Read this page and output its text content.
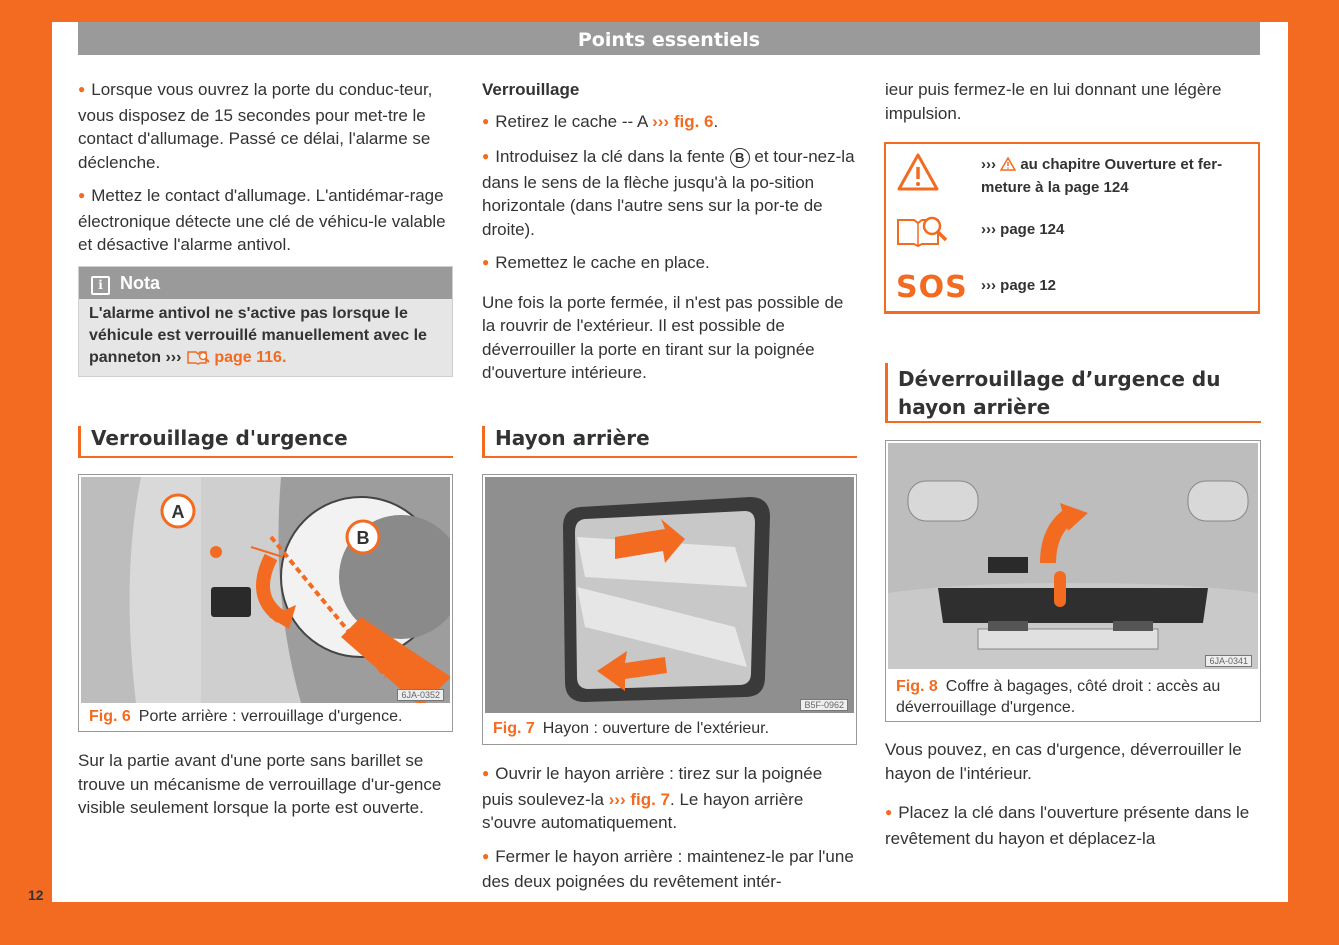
Points essentiels

● Lorsque vous ouvrez la porte du conduc-teur, vous disposez de 15 secondes pour met-tre le contact d'allumage. Passé ce délai, l'alarme se déclenche.

● Mettez le contact d'allumage. L'antidémar-rage électronique détecte une clé de véhicu-le valable et désactive l'alarme antivol.

i Nota
L'alarme antivol ne s'active pas lorsque le véhicule est verrouillé manuellement avec le panneton ››› page 116.
Verrouillage d'urgence
A
B
6JA-0352
Fig. 6 Porte arrière : verrouillage d'urgence.

Sur la partie avant d'une porte sans barillet se trouve un mécanisme de verrouillage d'ur-gence visible seulement lorsque la porte est ouverte.

Verrouillage

● Retirez le cache -- A ››› fig. 6.

● Introduisez la clé dans la fente B et tour-nez-la dans le sens de la flèche jusqu'à la po-sition horizontale (dans l'autre sens sur la por-te de droite).

● Remettez le cache en place.

Une fois la porte fermée, il n'est pas possible de la rouvrir de l'extérieur. Il est possible de déverrouiller la porte en tirant sur la poignée d'ouverture intérieure.

Hayon arrière
B5F-0962
Fig. 7 Hayon : ouverture de l'extérieur.

● Ouvrir le hayon arrière : tirez sur la poignée puis soulevez-la ››› fig. 7. Le hayon arrière s'ouvre automatiquement.

● Fermer le hayon arrière : maintenez-le par l'une des deux poignées du revêtement intér-

ieur puis fermez-le en lui donnant une légère impulsion.

››› au chapitre Ouverture et fer-meture à la page 124
››› page 124
SOS ››› page 12
Déverrouillage d’urgence du hayon arrière
6JA-0341
Fig. 8 Coffre à bagages, côté droit : accès au déverrouillage d'urgence.

Vous pouvez, en cas d'urgence, déverrouiller le hayon de l'intérieur.

● Placez la clé dans l'ouverture présente dans le revêtement du hayon et déplacez-la

12
